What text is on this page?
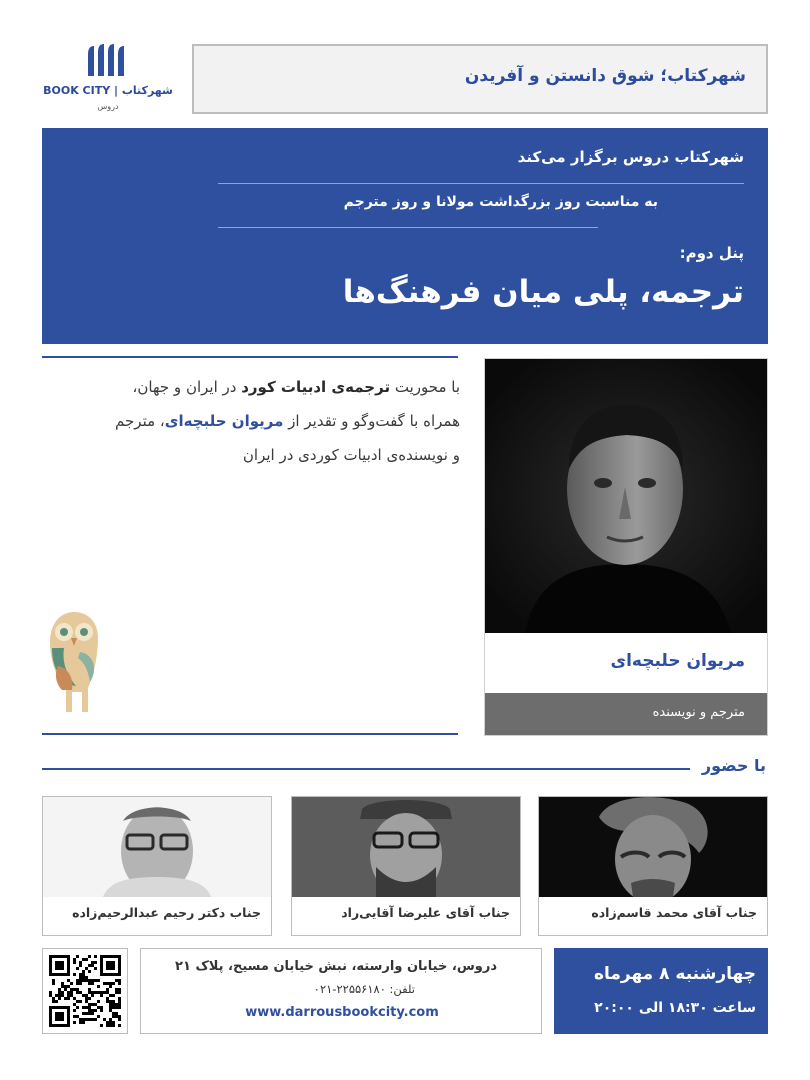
BOOK CITY | شهرکتاب
دروس
شهرکتاب؛ شوق دانستن و آفریدن
شهرکتاب دروس برگزار می‌کند
به مناسبت روز بزرگداشت مولانا و روز مترجم
پنل دوم:
ترجمه، پلی میان فرهنگ‌ها
با محوریت ترجمه‌ی ادبیات کورد در ایران و جهان،
همراه با گفت‌وگو و تقدیر از مریوان حلبچه‌ای، مترجم
و نویسنده‌ی ادبیات کوردی در ایران
مریوان حلبچه‌ای
مترجم و نویسنده
با حضور
جناب آقای محمد قاسم‌زاده
جناب آقای علیرضا آقایی‌راد
جناب دکتر رحیم عبدالرحیم‌زاده
دروس، خیابان وارسته، نبش خیابان مسیح، پلاک ۲۱
تلفن: ۲۲۵۵۶۱۸۰-۰۲۱
www.darrousbookcity.com
چهارشنبه ۸ مهرماه
ساعت ۱۸:۳۰ الی ۲۰:۰۰
